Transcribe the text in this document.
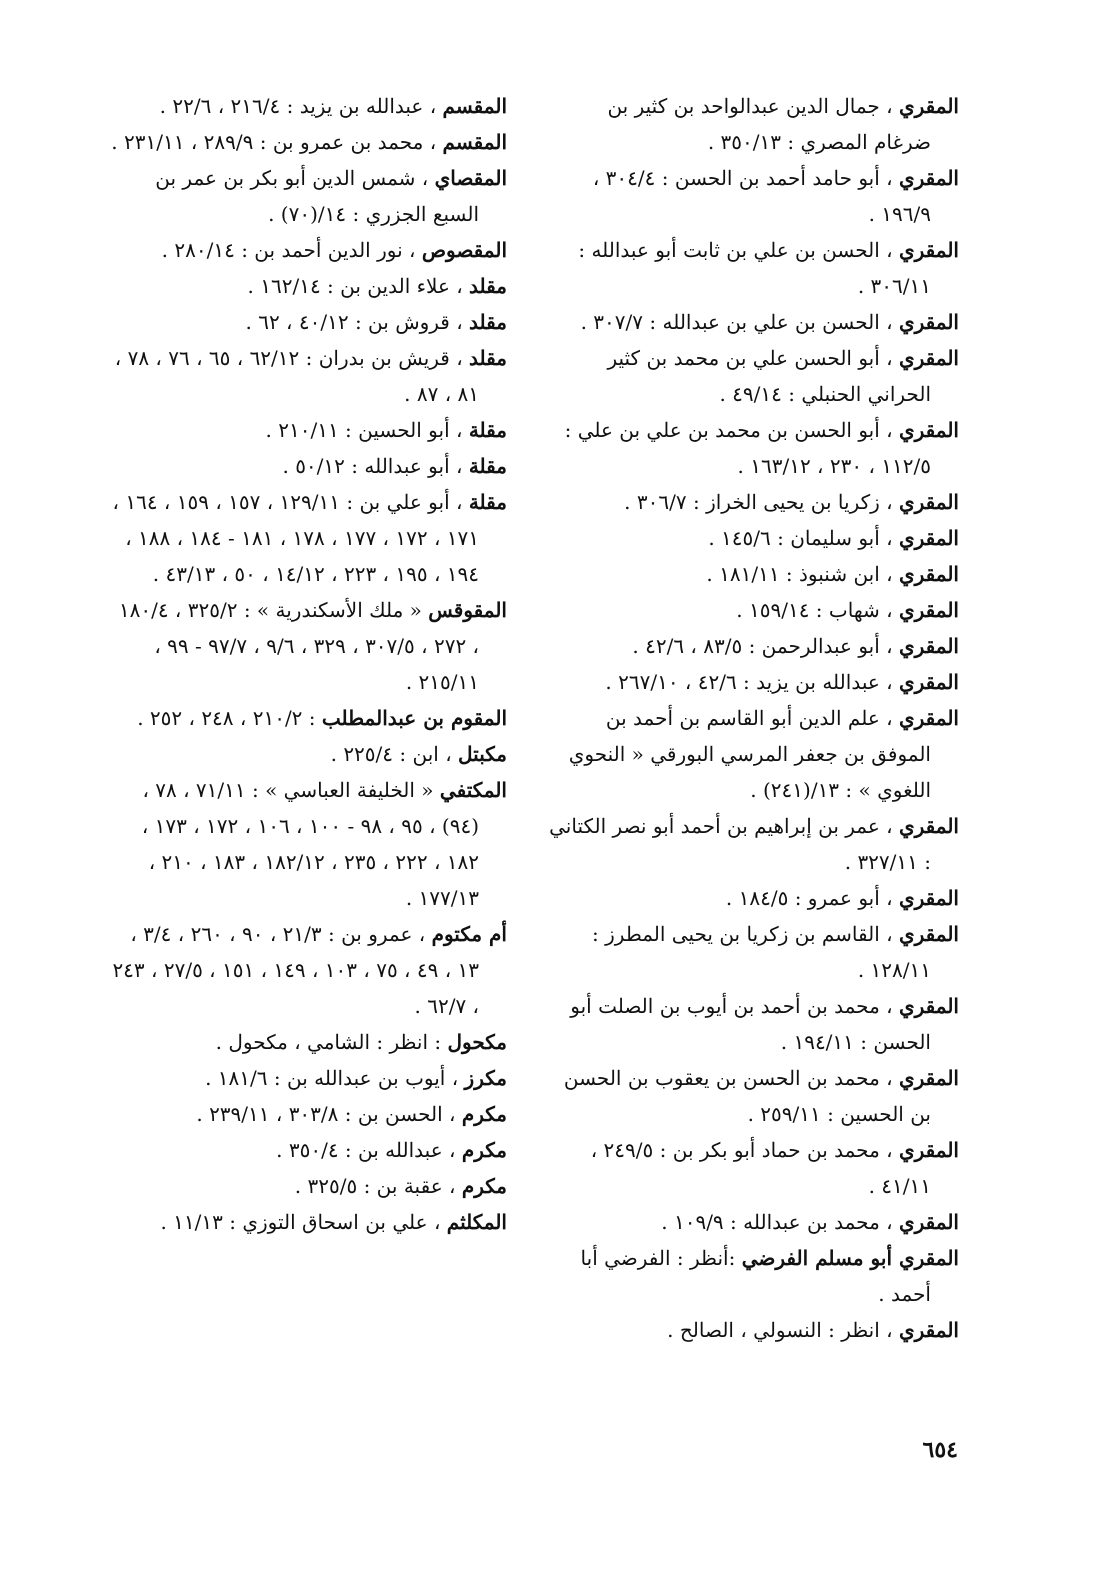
المقري ، جمال الدين عبدالواحد بن كثير بن ضرغام المصري : ٣٥٠/١٣ .

المقري ، أبو حامد أحمد بن الحسن : ٣٠٤/٤ ، ١٩٦/٩ .

المقري ، الحسن بن علي بن ثابت أبو عبدالله : ٣٠٦/١١ .

المقري ، الحسن بن علي بن عبدالله : ٣٠٧/٧ .

المقري ، أبو الحسن علي بن محمد بن كثير الحراني الحنبلي : ٤٩/١٤ .

المقري ، أبو الحسن بن محمد بن علي بن علي : ١١٢/٥ ، ٢٣٠ ، ١٦٣/١٢ .

المقري ، زكريا بن يحيى الخراز : ٣٠٦/٧ .

المقري ، أبو سليمان : ١٤٥/٦ .

المقري ، ابن شنبوذ : ١٨١/١١ .

المقري ، شهاب : ١٥٩/١٤ .

المقري ، أبو عبدالرحمن : ٨٣/٥ ، ٤٢/٦ .

المقري ، عبدالله بن يزيد : ٤٢/٦ ، ٢٦٧/١٠ .

المقري ، علم الدين أبو القاسم بن أحمد بن الموفق بن جعفر المرسي البورقي « النحوي اللغوي » : ١٣/(٢٤١) .

المقري ، عمر بن إبراهيم بن أحمد أبو نصر الكتاني : ٣٢٧/١١ .

المقري ، أبو عمرو : ١٨٤/٥ .

المقري ، القاسم بن زكريا بن يحيى المطرز : ١٢٨/١١ .

المقري ، محمد بن أحمد بن أيوب بن الصلت أبو الحسن : ١٩٤/١١ .

المقري ، محمد بن الحسن بن يعقوب بن الحسن بن الحسين : ٢٥٩/١١ .

المقري ، محمد بن حماد أبو بكر بن : ٢٤٩/٥ ، ٤١/١١ .

المقري ، محمد بن عبدالله : ١٠٩/٩ .

المقري أبو مسلم الفرضي :أنظر : الفرضي أبا أحمد .

المقري ، انظر : النسولي ، الصالح .

المقسم ، عبدالله بن يزيد : ٢١٦/٤ ، ٢٢/٦ .

المقسم ، محمد بن عمرو بن : ٢٨٩/٩ ، ٢٣١/١١ .

المقصاي ، شمس الدين أبو بكر بن عمر بن السبع الجزري : ١٤/(٧٠) .

المقصوص ، نور الدين أحمد بن : ٢٨٠/١٤ .

مقلد ، علاء الدين بن : ١٦٢/١٤ .

مقلد ، قروش بن : ٤٠/١٢ ، ٦٢ .

مقلد ، قريش بن بدران : ٦٢/١٢ ، ٦٥ ، ٧٦ ، ٧٨ ، ٨١ ، ٨٧ .

مقلة ، أبو الحسين : ٢١٠/١١ .

مقلة ، أبو عبدالله : ٥٠/١٢ .

مقلة ، أبو علي بن : ١٢٩/١١ ، ١٥٧ ، ١٥٩ ، ١٦٤ ، ١٧١ ، ١٧٢ ، ١٧٧ ، ١٧٨ ، ١٨١ - ١٨٤ ، ١٨٨ ، ١٩٤ ، ١٩٥ ، ٢٢٣ ، ١٤/١٢ ، ٥٠ ، ٤٣/١٣ .

المقوقس « ملك الأسكندرية » : ٣٢٥/٢ ، ١٨٠/٤ ، ٢٧٢ ، ٣٠٧/٥ ، ٣٢٩ ، ٩/٦ ، ٩٧/٧ - ٩٩ ، ٢١٥/١١ .

المقوم بن عبدالمطلب : ٢١٠/٢ ، ٢٤٨ ، ٢٥٢ .

مكبتل ، ابن : ٢٢٥/٤ .

المكتفي « الخليفة العباسي » : ٧١/١١ ، ٧٨ ، (٩٤) ، ٩٥ ، ٩٨ - ١٠٠ ، ١٠٦ ، ١٧٢ ، ١٧٣ ، ١٨٢ ، ٢٢٢ ، ٢٣٥ ، ١٨٢/١٢ ، ١٨٣ ، ٢١٠ ، ١٧٧/١٣ .

أم مكتوم ، عمرو بن : ٢١/٣ ، ٩٠ ، ٢٦٠ ، ٣/٤ ، ١٣ ، ٤٩ ، ٧٥ ، ١٠٣ ، ١٤٩ ، ١٥١ ، ٢٧/٥ ، ٢٤٣ ، ٦٢/٧ .

مكحول : انظر : الشامي ، مكحول .

مكرز ، أيوب بن عبدالله بن : ١٨١/٦ .

مكرم ، الحسن بن : ٣٠٣/٨ ، ٢٣٩/١١ .

مكرم ، عبدالله بن : ٣٥٠/٤ .

مكرم ، عقبة بن : ٣٢٥/٥ .

المكلثم ، علي بن اسحاق التوزي : ١١/١٣ .

٦٥٤
